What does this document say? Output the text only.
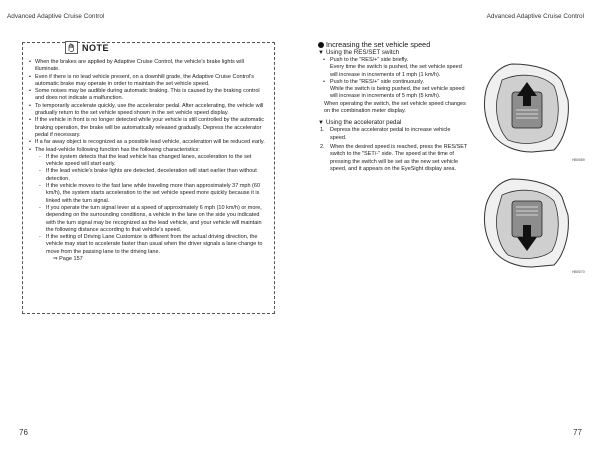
Advanced Adaptive Cruise Control	Advanced Adaptive Cruise Control
NOTE
• When the brakes are applied by Adaptive Cruise Control, the vehicle's brake lights will illuminate.
• Even if there is no lead vehicle present, on a downhill grade, the Adaptive Cruise Control's automatic brake may operate in order to maintain the set vehicle speed.
• Some noises may be audible during automatic braking. This is caused by the braking control and does not indicate a malfunction.
• To temporarily accelerate quickly, use the accelerator pedal. After accelerating, the vehicle will gradually return to the set vehicle speed shown in the set vehicle speed display.
• If the vehicle in front is no longer detected while your vehicle is still controlled by the automatic braking operation, the brake will be automatically released gradually. Depress the accelerator pedal if necessary.
• If a far away object is recognized as a possible lead vehicle, acceleration will be reduced early.
• The lead-vehicle following function has the following characteristics:
- If the system detects that the lead vehicle has changed lanes, acceleration to the set vehicle speed will start early.
- If the lead vehicle's brake lights are detected, deceleration will start earlier than without detection.
- If the vehicle moves to the fast lane while traveling more than approximately 37 mph (60 km/h), the system starts acceleration to the set vehicle speed more quickly because it is linked with the turn signal.
- If you operate the turn signal lever at a speed of approximately 6 mph (10 km/h) or more, depending on the surrounding conditions, a vehicle in the lane on the side you indicated with the turn signal may be recognized as the lead vehicle, and your vehicle will maintain the following distance according to that vehicle's speed.
- If the setting of Driving Lane Customize is different from the actual driving direction, the vehicle may start to accelerate faster than usual when the driver signals a lane change to move from the passing lane to the driving lane.
⇒ Page 157
Increasing the set vehicle speed
▼ Using the RES/SET switch
• Push to the "RES/+" side briefly.
Every time the switch is pushed, the set vehicle speed will increase in increments of 1 mph (1 km/h).
• Push to the "RES/+" side continuously.
While the switch is being pushed, the set vehicle speed will increase in increments of 5 mph (5 km/h).
When operating the switch, the set vehicle speed changes on the combination meter display.
▼ Using the accelerator pedal
1. Depress the accelerator pedal to increase vehicle speed.
2. When the desired speed is reached, press the RES/SET switch to the "SET/-" side. The speed at the time of pressing the switch will be set as the new set vehicle speed, and it appears on the EyeSight display area.
HB0069
HB0070
76	77
